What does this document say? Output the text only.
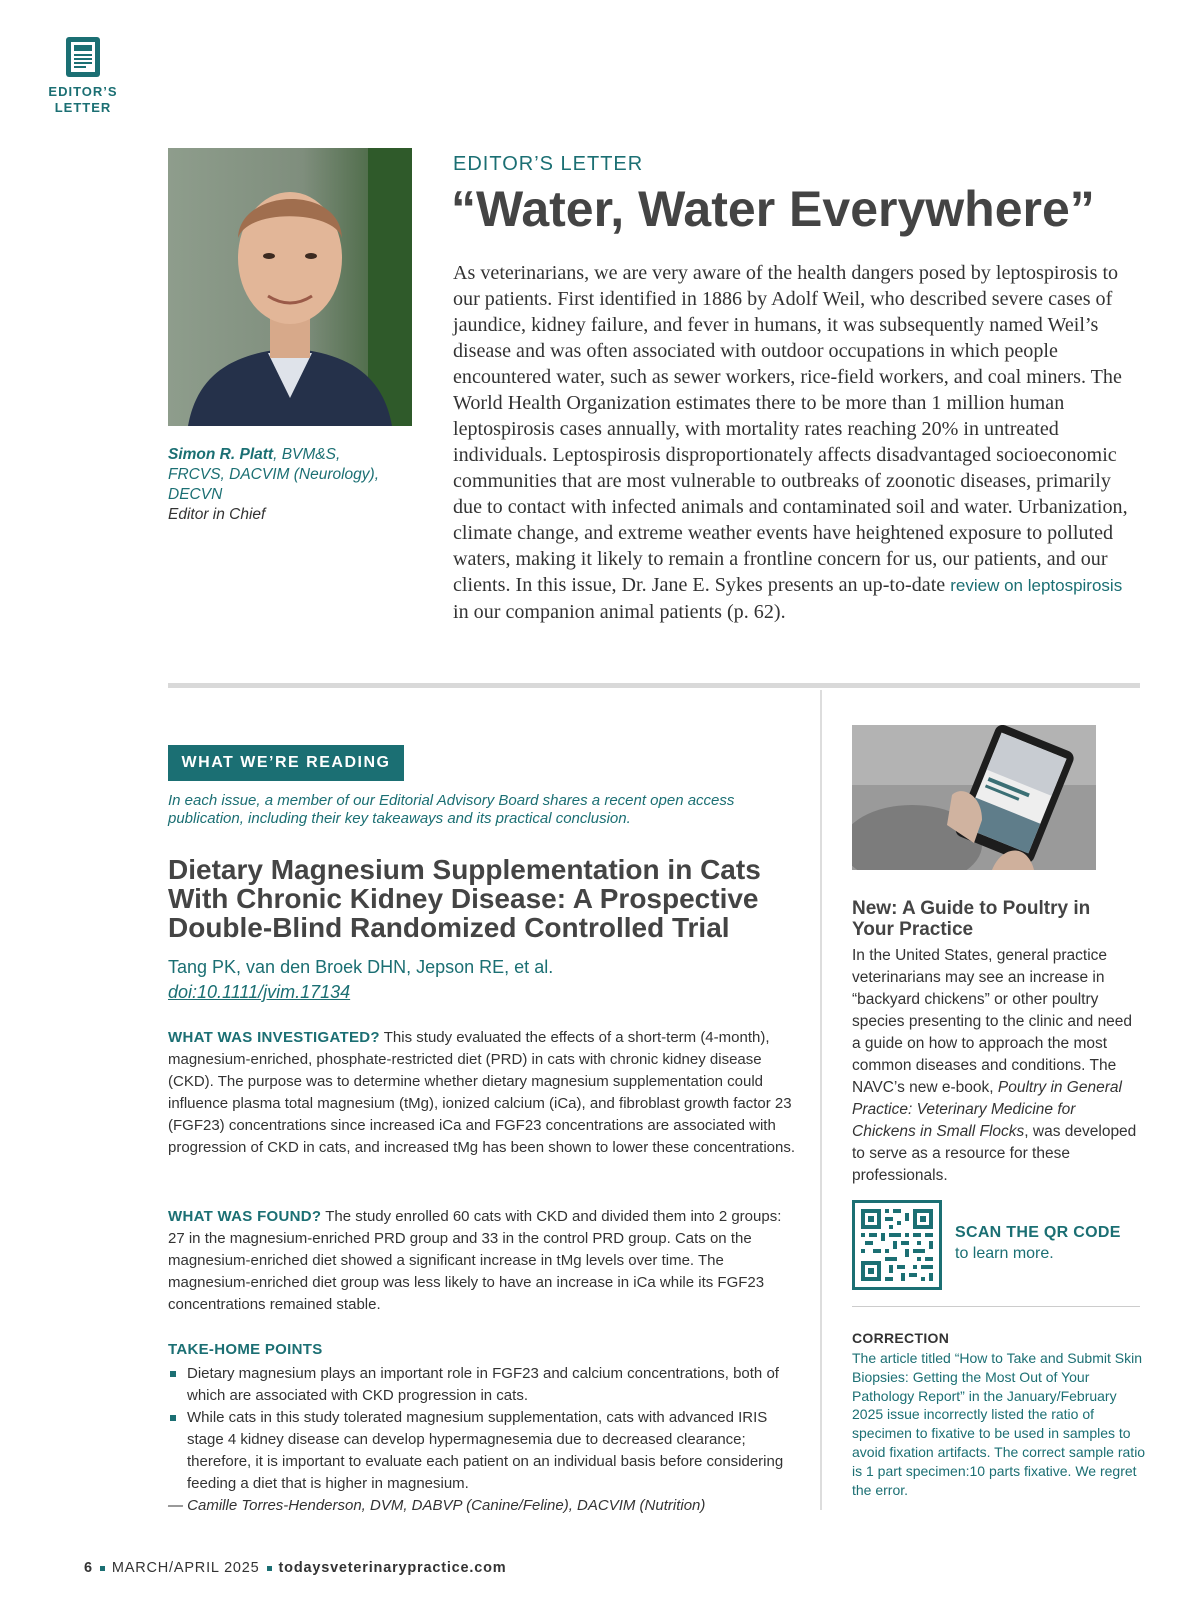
EDITOR’S
LETTER
Simon R. Platt, BVM&S,
FRCVS, DACVIM (Neurology),
DECVN
Editor in Chief
EDITOR’S LETTER
“Water, Water Everywhere”

As veterinarians, we are very aware of the health dangers posed by leptospirosis to our patients. First identified in 1886 by Adolf Weil, who described severe cases of jaundice, kidney failure, and fever in humans, it was subsequently named Weil’s disease and was often associated with outdoor occupations in which people encountered water, such as sewer workers, rice-field workers, and coal miners. The World Health Organization estimates there to be more than 1 million human leptospirosis cases annually, with mortality rates reaching 20% in untreated individuals. Leptospirosis disproportionately affects disadvantaged socioeconomic communities that are most vulnerable to outbreaks of zoonotic diseases, primarily due to contact with infected animals and contaminated soil and water. Urbanization, climate change, and extreme weather events have heightened exposure to polluted waters, making it likely to remain a frontline concern for us, our patients, and our clients. In this issue, Dr. Jane E. Sykes presents an up-to-date review on leptospirosis in our companion animal patients (p. 62).

WHAT WE’RE READING

In each issue, a member of our Editorial Advisory Board shares a recent open access publication, including their key takeaways and its practical conclusion.

Dietary Magnesium Supplementation in Cats With Chronic Kidney Disease: A Prospective Double-Blind Randomized Controlled Trial
Tang PK, van den Broek DHN, Jepson RE, et al.
doi:10.1111/jvim.17134

WHAT WAS INVESTIGATED? This study evaluated the effects of a short-term (4-month), magnesium-enriched, phosphate-restricted diet (PRD) in cats with chronic kidney disease (CKD). The purpose was to determine whether dietary magnesium supplementation could influence plasma total magnesium (tMg), ionized calcium (iCa), and fibroblast growth factor 23 (FGF23) concentrations since increased iCa and FGF23 concentrations are associated with progression of CKD in cats, and increased tMg has been shown to lower these concentrations.

WHAT WAS FOUND? The study enrolled 60 cats with CKD and divided them into 2 groups: 27 in the magnesium-enriched PRD group and 33 in the control PRD group. Cats on the magnesium-enriched diet showed a significant increase in tMg levels over time. The magnesium-enriched diet group was less likely to have an increase in iCa while its FGF23 concentrations remained stable.

TAKE-HOME POINTS
Dietary magnesium plays an important role in FGF23 and calcium concentrations, both of which are associated with CKD progression in cats.
While cats in this study tolerated magnesium supplementation, cats with advanced IRIS stage 4 kidney disease can develop hypermagnesemia due to decreased clearance; therefore, it is important to evaluate each patient on an individual basis before considering feeding a diet that is higher in magnesium.
— Camille Torres-Henderson, DVM, DABVP (Canine/Feline), DACVIM (Nutrition)
New: A Guide to Poultry in Your Practice

In the United States, general practice veterinarians may see an increase in “backyard chickens” or other poultry species presenting to the clinic and need a guide on how to approach the most common diseases and conditions. The NAVC’s new e-book, Poultry in General Practice: Veterinary Medicine for Chickens in Small Flocks, was developed to serve as a resource for these professionals.

SCAN THE QR CODE
to learn more.
CORRECTION

The article titled “How to Take and Submit Skin Biopsies: Getting the Most Out of Your Pathology Report” in the January/February 2025 issue incorrectly listed the ratio of specimen to fixative to be used in samples to avoid fixation artifacts. The correct sample ratio is 1 part specimen:10 parts fixative. We regret the error.

6 MARCH/APRIL 2025 todaysveterinarypractice.com
